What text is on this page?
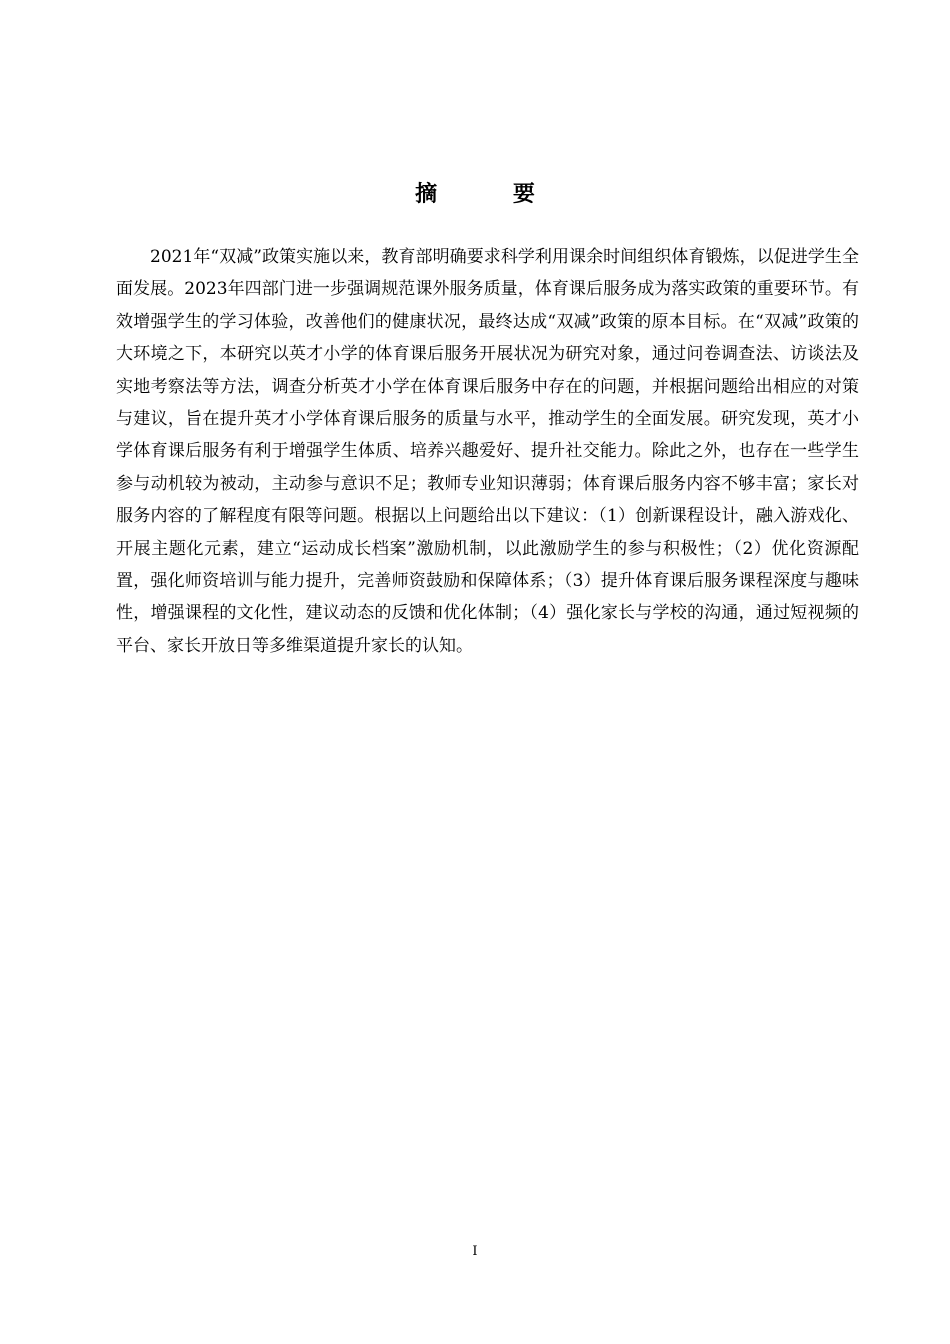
摘 要

2021年“双减”政策实施以来，教育部明确要求科学利用课余时间组织体育锻炼，以促进学生全面发展。2023年四部门进一步强调规范课外服务质量，体育课后服务成为落实政策的重要环节。有效增强学生的学习体验，改善他们的健康状况，最终达成“双减”政策的原本目标。在“双减”政策的大环境之下，本研究以英才小学的体育课后服务开展状况为研究对象，通过问卷调查法、访谈法及实地考察法等方法，调查分析英才小学在体育课后服务中存在的问题，并根据问题给出相应的对策与建议，旨在提升英才小学体育课后服务的质量与水平，推动学生的全面发展。研究发现，英才小学体育课后服务有利于增强学生体质、培养兴趣爱好、提升社交能力。除此之外，也存在一些学生参与动机较为被动，主动参与意识不足；教师专业知识薄弱；体育课后服务内容不够丰富；家长对服务内容的了解程度有限等问题。根据以上问题给出以下建议：（1）创新课程设计，融入游戏化、开展主题化元素，建立“运动成长档案”激励机制，以此激励学生的参与积极性；（2）优化资源配置，强化师资培训与能力提升，完善师资鼓励和保障体系；（3）提升体育课后服务课程深度与趣味性，增强课程的文化性，建议动态的反馈和优化体制；（4）强化家长与学校的沟通，通过短视频的平台、家长开放日等多维渠道提升家长的认知。

I
